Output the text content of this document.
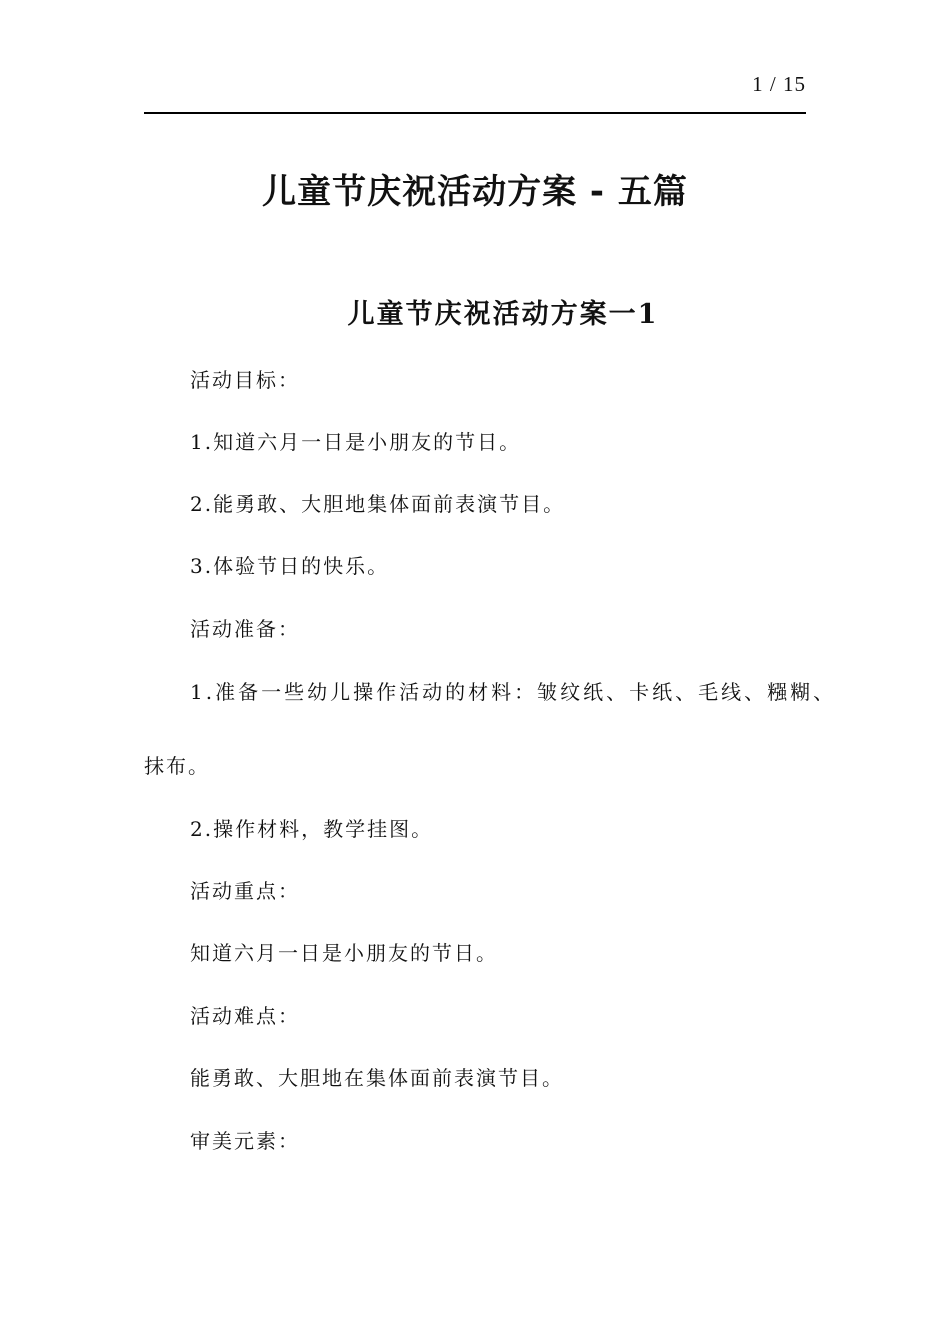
1 / 15
儿童节庆祝活动方案 - 五篇
儿童节庆祝活动方案一1

活动目标：

1.知道六月一日是小朋友的节日。

2.能勇敢、大胆地集体面前表演节目。

3.体验节日的快乐。

活动准备：

1.准备一些幼儿操作活动的材料：皱纹纸、卡纸、毛线、糨糊、

抹布。

2.操作材料，教学挂图。

活动重点：

知道六月一日是小朋友的节日。

活动难点：

能勇敢、大胆地在集体面前表演节目。

审美元素：
